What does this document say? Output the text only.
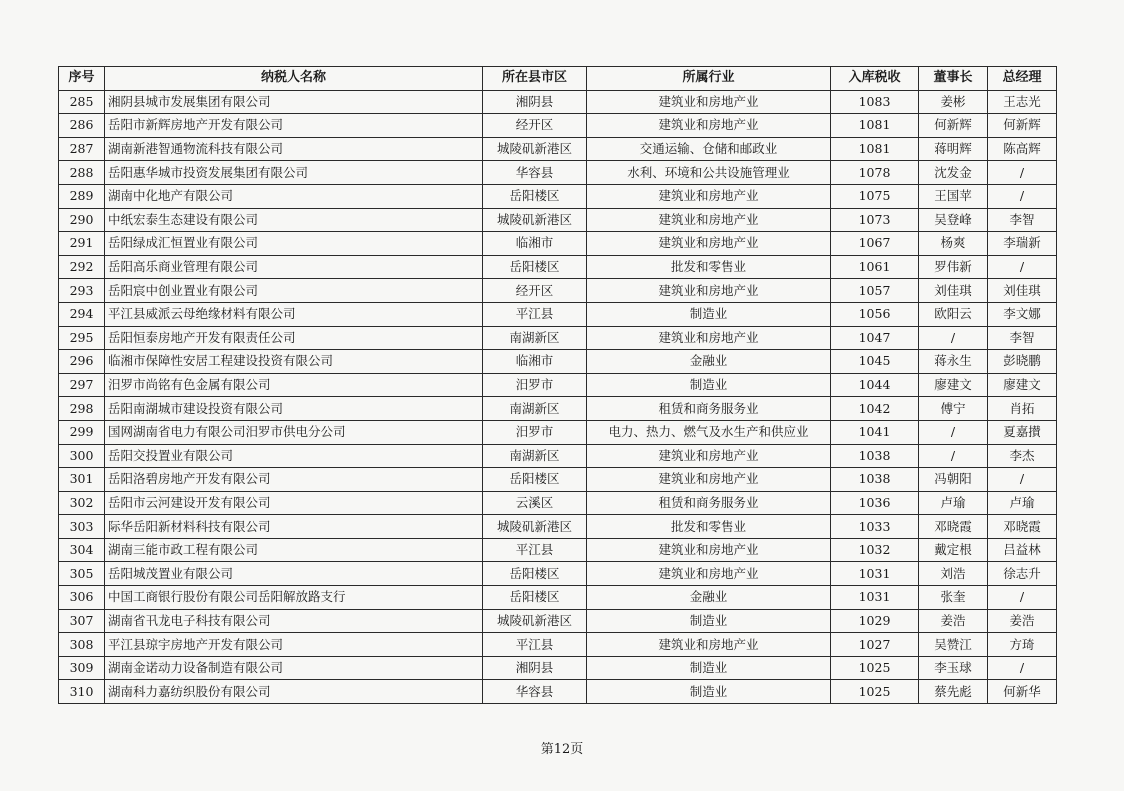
序号	纳税人名称	所在县市区	所属行业	入库税收	董事长	总经理
285	湘阴县城市发展集团有限公司	湘阴县	建筑业和房地产业	1083	姜彬	王志光
286	岳阳市新辉房地产开发有限公司	经开区	建筑业和房地产业	1081	何新辉	何新辉
287	湖南新港智通物流科技有限公司	城陵矶新港区	交通运输、仓储和邮政业	1081	蒋明辉	陈高辉
288	岳阳惠华城市投资发展集团有限公司	华容县	水利、环境和公共设施管理业	1078	沈发金	/
289	湖南中化地产有限公司	岳阳楼区	建筑业和房地产业	1075	王国苹	/
290	中纸宏泰生态建设有限公司	城陵矶新港区	建筑业和房地产业	1073	吴登峰	李智
291	岳阳绿成汇恒置业有限公司	临湘市	建筑业和房地产业	1067	杨爽	李瑞新
292	岳阳高乐商业管理有限公司	岳阳楼区	批发和零售业	1061	罗伟新	/
293	岳阳宸中创业置业有限公司	经开区	建筑业和房地产业	1057	刘佳琪	刘佳琪
294	平江县威派云母绝缘材料有限公司	平江县	制造业	1056	欧阳云	李文娜
295	岳阳恒泰房地产开发有限责任公司	南湖新区	建筑业和房地产业	1047	/	李智
296	临湘市保障性安居工程建设投资有限公司	临湘市	金融业	1045	蒋永生	彭晓鹏
297	汨罗市尚铭有色金属有限公司	汨罗市	制造业	1044	廖建文	廖建文
298	岳阳南湖城市建设投资有限公司	南湖新区	租赁和商务服务业	1042	傅宁	肖拓
299	国网湖南省电力有限公司汨罗市供电分公司	汨罗市	电力、热力、燃气及水生产和供应业	1041	/	夏嘉攅
300	岳阳交投置业有限公司	南湖新区	建筑业和房地产业	1038	/	李杰
301	岳阳洛碧房地产开发有限公司	岳阳楼区	建筑业和房地产业	1038	冯朝阳	/
302	岳阳市云河建设开发有限公司	云溪区	租赁和商务服务业	1036	卢瑜	卢瑜
303	际华岳阳新材料科技有限公司	城陵矶新港区	批发和零售业	1033	邓晓霞	邓晓霞
304	湖南三能市政工程有限公司	平江县	建筑业和房地产业	1032	戴定根	吕益林
305	岳阳城茂置业有限公司	岳阳楼区	建筑业和房地产业	1031	刘浩	徐志升
306	中国工商银行股份有限公司岳阳解放路支行	岳阳楼区	金融业	1031	张奎	/
307	湖南省卂龙电子科技有限公司	城陵矶新港区	制造业	1029	姜浩	姜浩
308	平江县琼宇房地产开发有限公司	平江县	建筑业和房地产业	1027	吴赞江	方琦
309	湖南金诺动力设备制造有限公司	湘阴县	制造业	1025	李玉球	/
310	湖南科力嘉纺织股份有限公司	华容县	制造业	1025	蔡先彪	何新华
第12页
